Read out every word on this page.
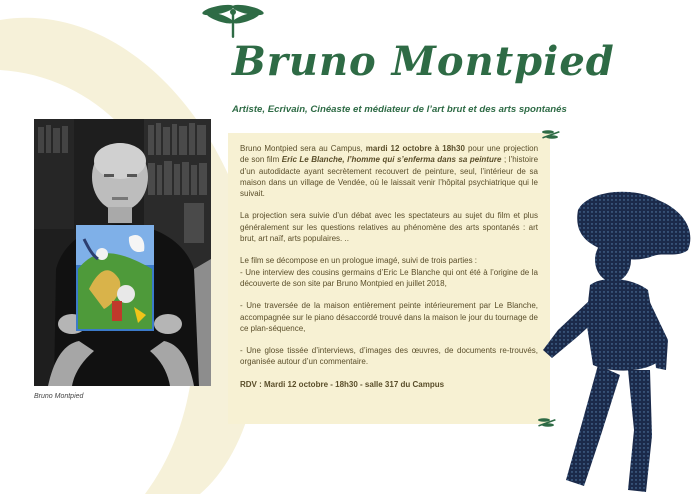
Bruno Montpied
Artiste, Ecrivain, Cinéaste et médiateur de l’art brut et des arts spontanés

Bruno Montpied

Bruno Montpied sera au Campus, mardi 12 octobre à 18h30 pour une projection de son film Eric Le Blanche, l’homme qui s’enferma dans sa peinture ; l’histoire d’un autodidacte ayant secrètement recouvert de peinture, seul, l’intérieur de sa maison dans un village de Vendée, où le laissait venir l’hôpital psychiatrique qui le suivait.

La projection sera suivie d’un débat avec les spectateurs au sujet du film et plus généralement sur les questions relatives au phénomène des arts spontanés : art brut, art naïf, arts populaires. ..

Le film se décompose en un prologue imagé, suivi de trois parties :
- Une interview des cousins germains d’Eric Le Blanche qui ont été à l’origine de la découverte de son site par Bruno Montpied en juillet 2018,

- Une traversée de la maison entièrement peinte intérieurement par Le Blanche, accompagnée sur le piano désaccordé trouvé dans la maison le jour du tournage de ce plan-séquence,

- Une glose tissée d’interviews, d’images des œuvres, de documents re-trouvés, organisée autour d’un commentaire.

RDV : Mardi 12 octobre - 18h30 - salle 317 du Campus
